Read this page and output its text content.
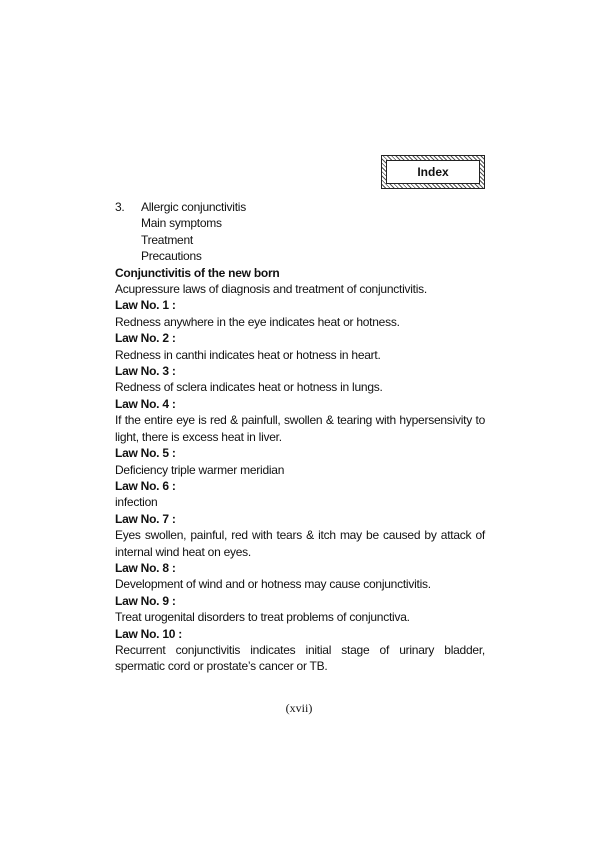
Index
3.	Allergic conjunctivitis
Main symptoms
Treatment
Precautions
Conjunctivitis of the new born
Acupressure laws of diagnosis and treatment of conjunctivitis.
Law No. 1 :
Redness anywhere in the eye indicates heat or hotness.
Law No. 2 :
Redness in canthi indicates heat or hotness in heart.
Law No. 3 :
Redness of sclera indicates heat or hotness in lungs.
Law No. 4 :
If the entire eye is red & painfull, swollen & tearing with hypersensivity to light, there is excess heat in liver.
Law No. 5 :
Deficiency triple warmer meridian
Law No. 6 :
infection
Law No. 7 :
Eyes swollen, painful, red with tears & itch may be caused by attack of internal wind heat on eyes.
Law No. 8 :
Development of wind and or hotness may cause conjunctivitis.
Law No. 9 :
Treat urogenital disorders to treat problems of conjunctiva.
Law No. 10 :
Recurrent conjunctivitis indicates initial stage of urinary bladder, spermatic cord or prostate’s cancer or TB.
(xvii)
